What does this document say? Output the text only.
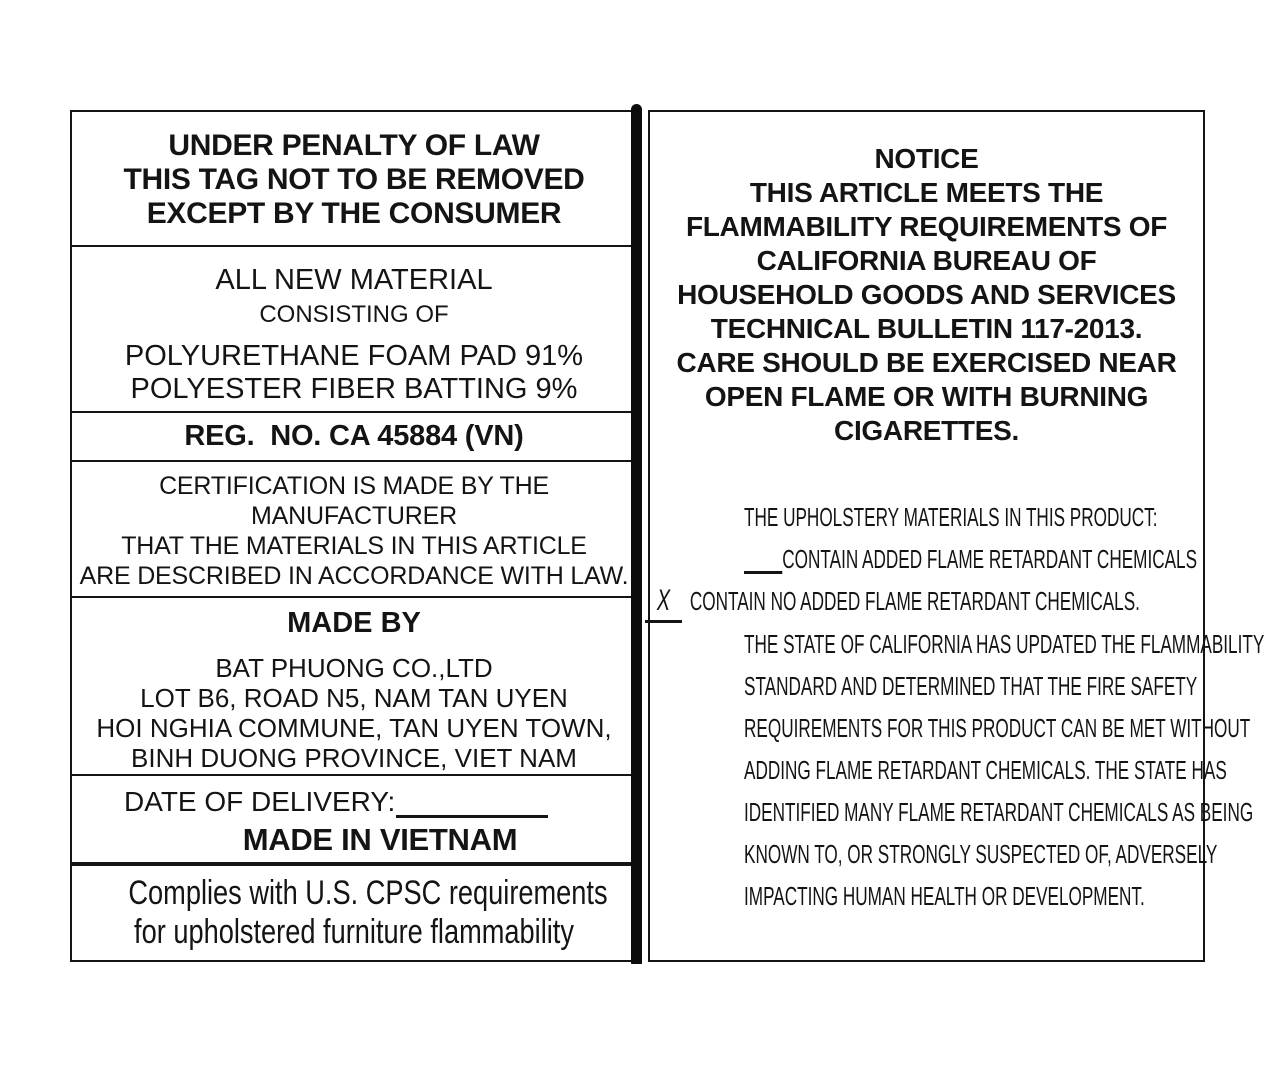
UNDER PENALTY OF LAW
THIS TAG NOT TO BE REMOVED
EXCEPT BY THE CONSUMER
ALL NEW MATERIAL
CONSISTING OF
POLYURETHANE FOAM PAD 91%
POLYESTER FIBER BATTING 9%
REG.  NO. CA 45884 (VN)
CERTIFICATION IS MADE BY THE
MANUFACTURER
THAT THE MATERIALS IN THIS ARTICLE
ARE DESCRIBED IN ACCORDANCE WITH LAW.
MADE BY
BAT PHUONG CO.,LTD
LOT B6, ROAD N5, NAM TAN UYEN
HOI NGHIA COMMUNE, TAN UYEN TOWN,
BINH DUONG PROVINCE, VIET NAM
DATE OF DELIVERY:
MADE IN VIETNAM
Complies with U.S. CPSC requirements
for upholstered furniture flammability
NOTICE
THIS ARTICLE MEETS THE
FLAMMABILITY REQUIREMENTS OF
CALIFORNIA BUREAU OF
HOUSEHOLD GOODS AND SERVICES
TECHNICAL BULLETIN 117-2013.
CARE SHOULD BE EXERCISED NEAR
OPEN FLAME OR WITH BURNING
CIGARETTES.
THE UPHOLSTERY MATERIALS IN THIS PRODUCT:
CONTAIN ADDED FLAME RETARDANT CHEMICALS
X CONTAIN NO ADDED FLAME RETARDANT CHEMICALS.
THE STATE OF CALIFORNIA HAS UPDATED THE FLAMMABILITY
STANDARD AND DETERMINED THAT THE FIRE SAFETY
REQUIREMENTS FOR THIS PRODUCT CAN BE MET WITHOUT
ADDING FLAME RETARDANT CHEMICALS. THE STATE HAS
IDENTIFIED MANY FLAME RETARDANT CHEMICALS AS BEING
KNOWN TO, OR STRONGLY SUSPECTED OF, ADVERSELY
IMPACTING HUMAN HEALTH OR DEVELOPMENT.
